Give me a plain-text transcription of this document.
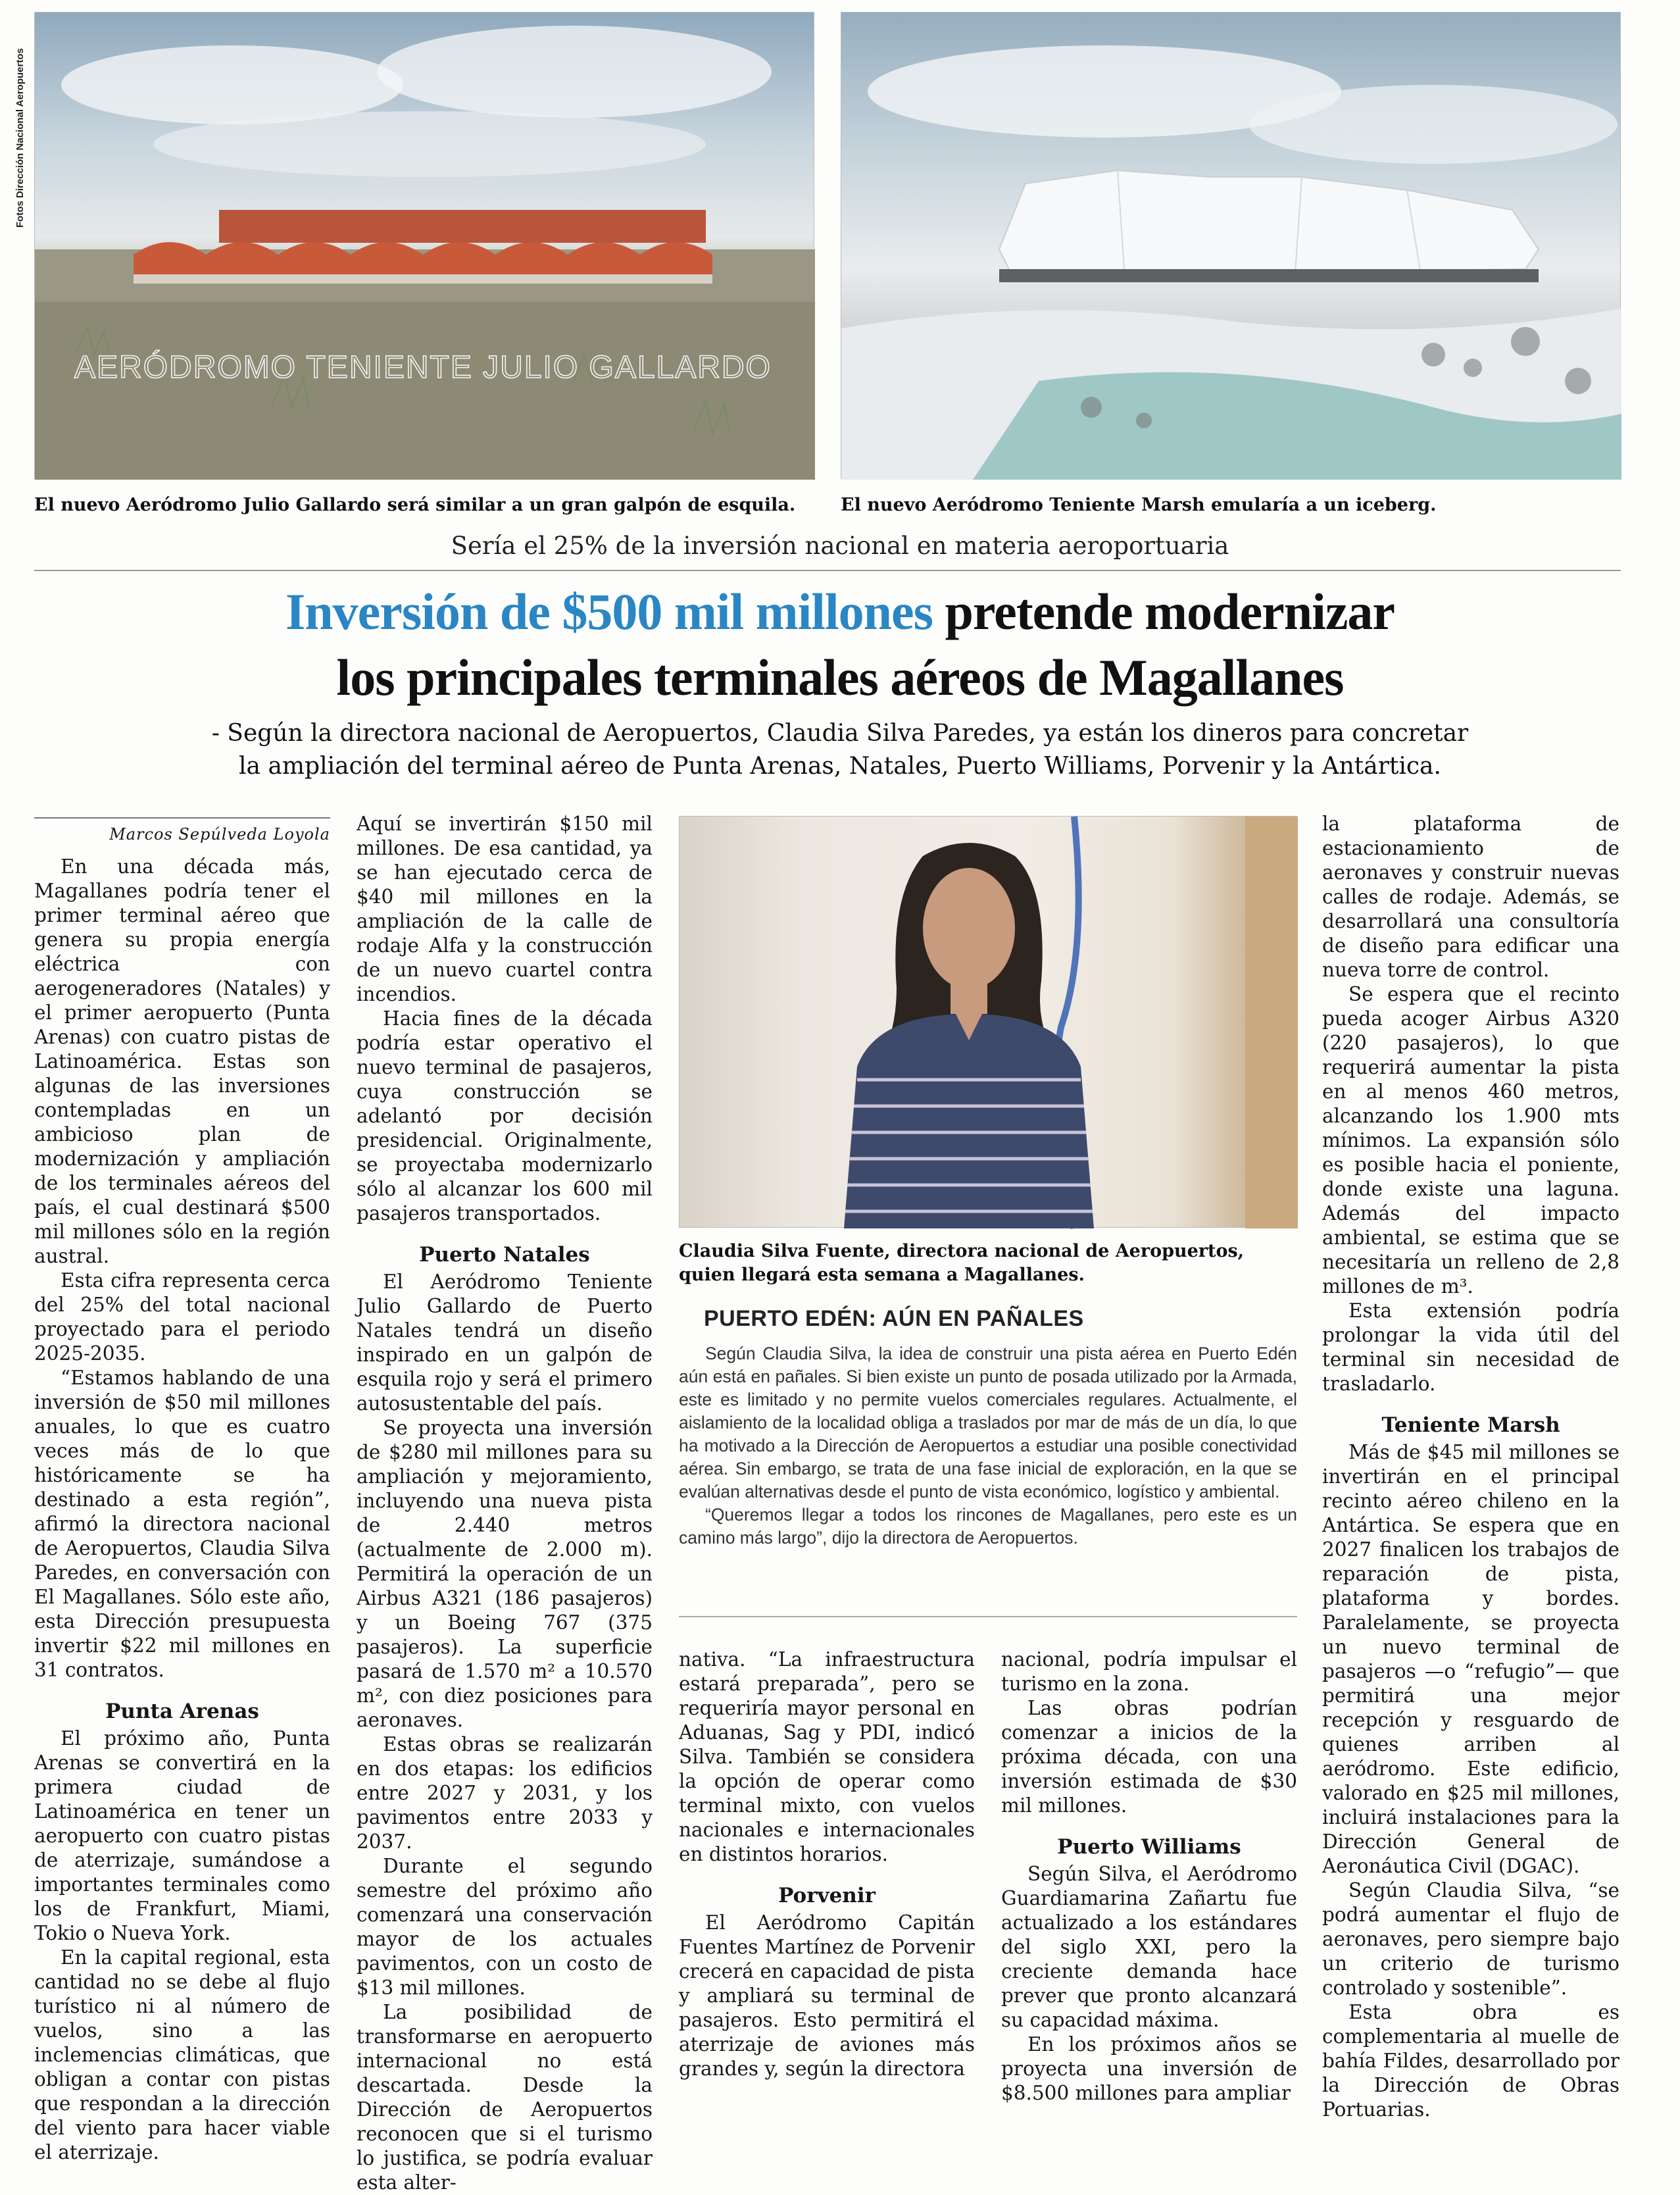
Fotos Dirección Nacional Aeropuertos
AERÓDROMO TENIENTE JULIO GALLARDO
El nuevo Aeródromo Julio Gallardo será similar a un gran galpón de esquila.	El nuevo Aeródromo Teniente Marsh emularía a un iceberg.
Sería el 25% de la inversión nacional en materia aeroportuaria
Inversión de $500 mil millones pretende modernizar
los principales terminales aéreos de Magallanes
- Según la directora nacional de Aeropuertos, Claudia Silva Paredes, ya están los dineros para concretar
la ampliación del terminal aéreo de Punta Arenas, Natales, Puerto Williams, Porvenir y la Antártica.
Marcos Sepúlveda Loyola

En una década más, Magallanes podría tener el primer terminal aéreo que genera su propia energía eléctrica con aerogeneradores (Natales) y el primer aeropuerto (Punta Arenas) con cuatro pistas de Latinoamérica. Estas son algunas de las inversiones contempladas en un ambicioso plan de modernización y ampliación de los terminales aéreos del país, el cual destinará $500 mil millones sólo en la región austral.

Esta cifra representa cerca del 25% del total nacional proyectado para el periodo 2025-2035.

“Estamos hablando de una inversión de $50 mil millones anuales, lo que es cuatro veces más de lo que históricamente se ha destinado a esta región”, afirmó la directora nacional de Aeropuertos, Claudia Silva Paredes, en conversación con El Magallanes. Sólo este año, esta Dirección presupuesta invertir $22 mil millones en 31 contratos.

Punta Arenas

El próximo año, Punta Arenas se convertirá en la primera ciudad de Latinoamérica en tener un aeropuerto con cuatro pistas de aterrizaje, sumándose a importantes terminales como los de Frankfurt, Miami, Tokio o Nueva York.

En la capital regional, esta cantidad no se debe al flujo turístico ni al número de vuelos, sino a las inclemencias climáticas, que obligan a contar con pistas que respondan a la dirección del viento para hacer viable el aterrizaje.

Aquí se invertirán $150 mil millones. De esa cantidad, ya se han ejecutado cerca de $40 mil millones en la ampliación de la calle de rodaje Alfa y la construcción de un nuevo cuartel contra incendios.

Hacia fines de la década podría estar operativo el nuevo terminal de pasajeros, cuya construcción se adelantó por decisión presidencial. Originalmente, se proyectaba modernizarlo sólo al alcanzar los 600 mil pasajeros transportados.

Puerto Natales

El Aeródromo Teniente Julio Gallardo de Puerto Natales tendrá un diseño inspirado en un galpón de esquila rojo y será el primero autosustentable del país.

Se proyecta una inversión de $280 mil millones para su ampliación y mejoramiento, incluyendo una nueva pista de 2.440 metros (actualmente de 2.000 m). Permitirá la operación de un Airbus A321 (186 pasajeros) y un Boeing 767 (375 pasajeros). La superficie pasará de 1.570 m² a 10.570 m², con diez posiciones para aeronaves.

Estas obras se realizarán en dos etapas: los edificios entre 2027 y 2031, y los pavimentos entre 2033 y 2037.

Durante el segundo semestre del próximo año comenzará una conservación mayor de los actuales pavimentos, con un costo de $13 mil millones.

La posibilidad de transformarse en aeropuerto internacional no está descartada. Desde la Dirección de Aeropuertos reconocen que si el turismo lo justifica, se podría evaluar esta alter-

Claudia Silva Fuente, directora nacional de Aeropuertos, quien llegará esta semana a Magallanes.
PUERTO EDÉN: AÚN EN PAÑALES

Según Claudia Silva, la idea de construir una pista aérea en Puerto Edén aún está en pañales. Si bien existe un punto de posada utilizado por la Armada, este es limitado y no permite vuelos comerciales regulares. Actualmente, el aislamiento de la localidad obliga a traslados por mar de más de un día, lo que ha motivado a la Dirección de Aeropuertos a estudiar una posible conectividad aérea. Sin embargo, se trata de una fase inicial de exploración, en la que se evalúan alternativas desde el punto de vista económico, logístico y ambiental.

“Queremos llegar a todos los rincones de Magallanes, pero este es un camino más largo”, dijo la directora de Aeropuertos.

nativa. “La infraestructura estará preparada”, pero se requeriría mayor personal en Aduanas, Sag y PDI, indicó Silva. También se considera la opción de operar como terminal mixto, con vuelos nacionales e internacionales en distintos horarios.

Porvenir

El Aeródromo Capitán Fuentes Martínez de Porvenir crecerá en capacidad de pista y ampliará su terminal de pasajeros. Esto permitirá el aterrizaje de aviones más grandes y, según la directora

nacional, podría impulsar el turismo en la zona.

Las obras podrían comenzar a inicios de la próxima década, con una inversión estimada de $30 mil millones.

Puerto Williams

Según Silva, el Aeródromo Guardiamarina Zañartu fue actualizado a los estándares del siglo XXI, pero la creciente demanda hace prever que pronto alcanzará su capacidad máxima.

En los próximos años se proyecta una inversión de $8.500 millones para ampliar

la plataforma de estacionamiento de aeronaves y construir nuevas calles de rodaje. Además, se desarrollará una consultoría de diseño para edificar una nueva torre de control.

Se espera que el recinto pueda acoger Airbus A320 (220 pasajeros), lo que requerirá aumentar la pista en al menos 460 metros, alcanzando los 1.900 mts mínimos. La expansión sólo es posible hacia el poniente, donde existe una laguna. Además del impacto ambiental, se estima que se necesitaría un relleno de 2,8 millones de m³.

Esta extensión podría prolongar la vida útil del terminal sin necesidad de trasladarlo.

Teniente Marsh

Más de $45 mil millones se invertirán en el principal recinto aéreo chileno en la Antártica. Se espera que en 2027 finalicen los trabajos de reparación de pista, plataforma y bordes. Paralelamente, se proyecta un nuevo terminal de pasajeros —o “refugio”— que permitirá una mejor recepción y resguardo de quienes arriben al aeródromo. Este edificio, valorado en $25 mil millones, incluirá instalaciones para la Dirección General de Aeronáutica Civil (DGAC).

Según Claudia Silva, “se podrá aumentar el flujo de aeronaves, pero siempre bajo un criterio de turismo controlado y sostenible”.

Esta obra es complementaria al muelle de bahía Fildes, desarrollado por la Dirección de Obras Portuarias.
